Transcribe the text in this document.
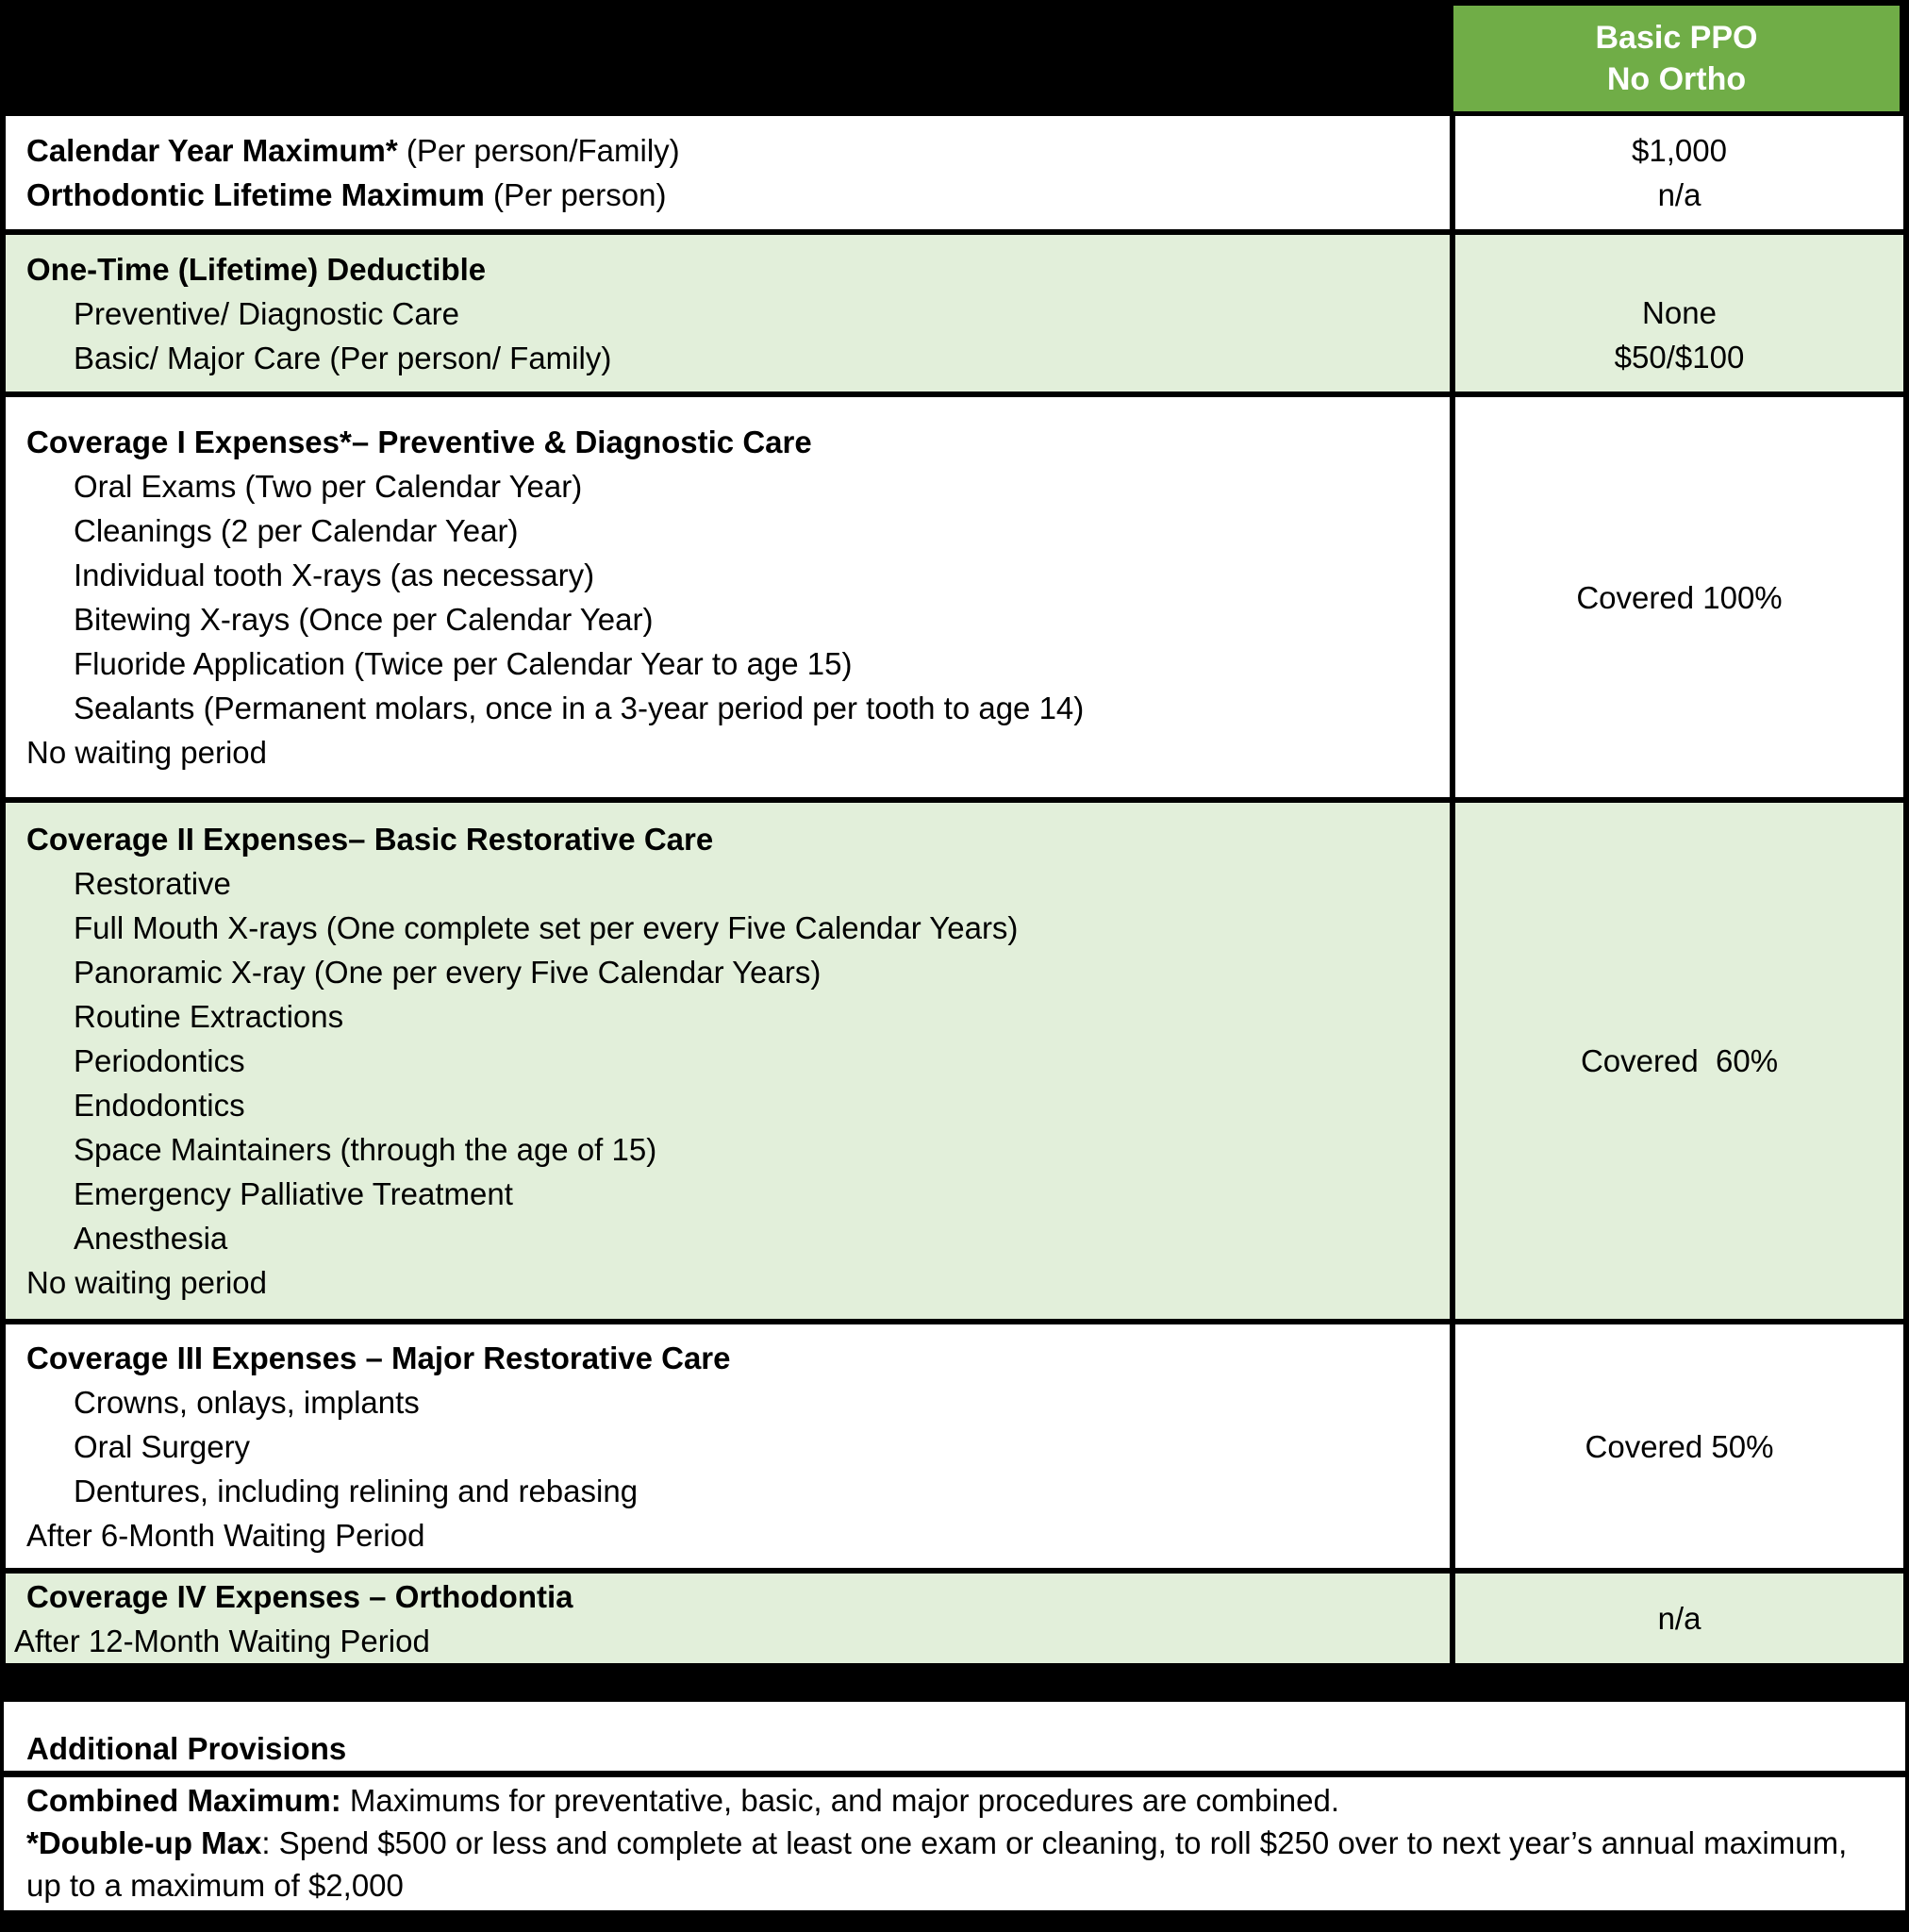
Basic PPO
No Ortho
Calendar Year Maximum* (Per person/Family)
Orthodontic Lifetime Maximum (Per person)
$1,000
n/a
One-Time (Lifetime) Deductible
Preventive/ Diagnostic Care
Basic/ Major Care (Per person/ Family)
None
$50/$100
Coverage I Expenses*– Preventive & Diagnostic Care
Oral Exams (Two per Calendar Year)
Cleanings (2 per Calendar Year)
Individual tooth X-rays (as necessary)
Bitewing X-rays (Once per Calendar Year)
Fluoride Application (Twice per Calendar Year to age 15)
Sealants (Permanent molars, once in a 3-year period per tooth to age 14)
No waiting period
Covered 100%
Coverage II Expenses– Basic Restorative Care
Restorative
Full Mouth X-rays (One complete set per every Five Calendar Years)
Panoramic X-ray (One per every Five Calendar Years)
Routine Extractions
Periodontics
Endodontics
Space Maintainers (through the age of 15)
Emergency Palliative Treatment
Anesthesia
No waiting period
Covered  60%
Coverage III Expenses – Major Restorative Care
Crowns, onlays, implants
Oral Surgery
Dentures, including relining and rebasing
After 6-Month Waiting Period
Covered 50%
Coverage IV Expenses – Orthodontia
After 12-Month Waiting Period
n/a
Additional Provisions
Combined Maximum: Maximums for preventative, basic, and major procedures are combined.
*Double-up Max: Spend $500 or less and complete at least one exam or cleaning, to roll $250 over to next year’s annual maximum, up to a maximum of $2,000
